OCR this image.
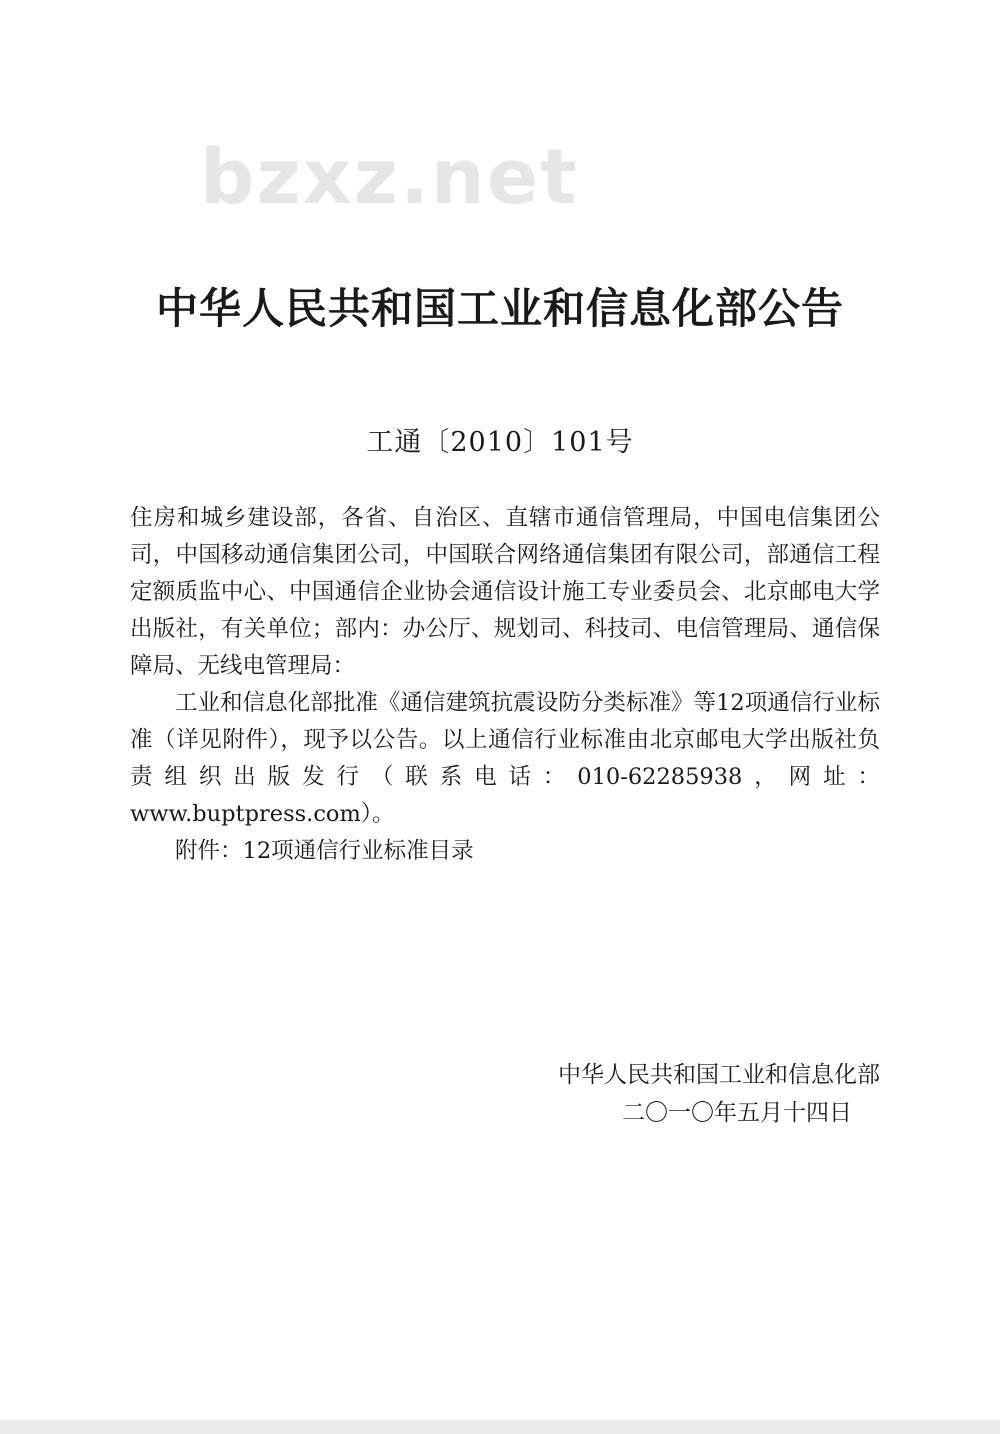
bzxz.net
中华人民共和国工业和信息化部公告
工通〔2010〕101号

住房和城乡建设部，各省、自治区、直辖市通信管理局，中国电信集团公司，中国移动通信集团公司，中国联合网络通信集团有限公司，部通信工程定额质监中心、中国通信企业协会通信设计施工专业委员会、北京邮电大学出版社，有关单位；部内：办公厅、规划司、科技司、电信管理局、通信保障局、无线电管理局：

工业和信息化部批准《通信建筑抗震设防分类标准》等12项通信行业标准（详见附件），现予以公告。以上通信行业标准由北京邮电大学出版社负责组织出版发行（联系电话：010-62285938，网址：www.buptpress.com）。

附件：12项通信行业标准目录

中华人民共和国工业和信息化部
二〇一〇年五月十四日
